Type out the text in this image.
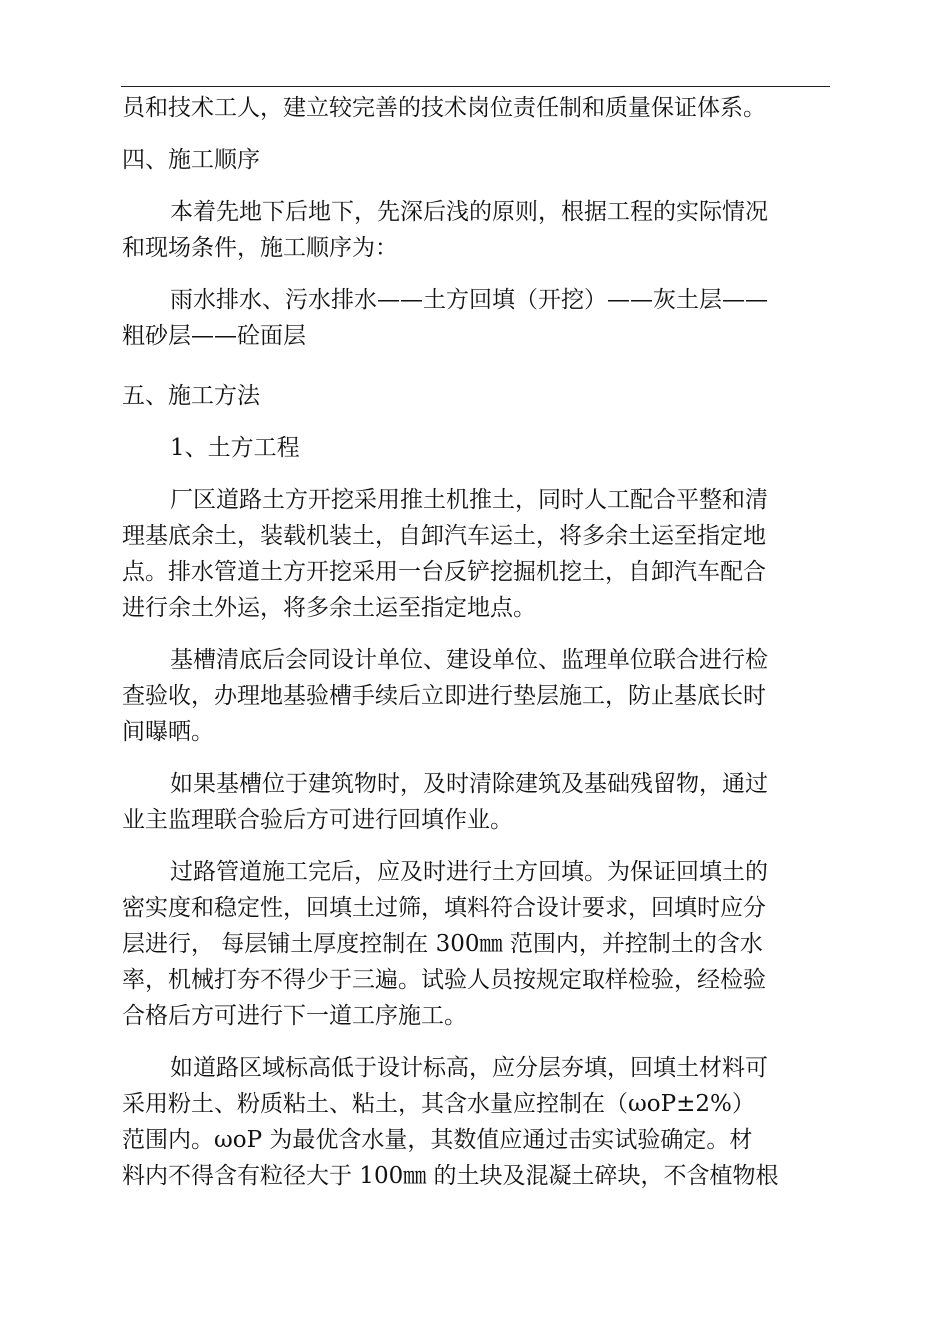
员和技术工人，建立较完善的技术岗位责任制和质量保证体系。
四、施工顺序
本着先地下后地下，先深后浅的原则，根据工程的实际情况
和现场条件，施工顺序为：
雨水排水、污水排水——土方回填（开挖）——灰土层——
粗砂层——砼面层
五、施工方法
1、土方工程
厂区道路土方开挖采用推土机推土，同时人工配合平整和清
理基底余土，装载机装土，自卸汽车运土，将多余土运至指定地
点。排水管道土方开挖采用一台反铲挖掘机挖土，自卸汽车配合
进行余土外运，将多余土运至指定地点。
基槽清底后会同设计单位、建设单位、监理单位联合进行检
查验收，办理地基验槽手续后立即进行垫层施工，防止基底长时
间曝晒。
如果基槽位于建筑物时，及时清除建筑及基础残留物，通过
业主监理联合验后方可进行回填作业。
过路管道施工完后，应及时进行土方回填。为保证回填土的
密实度和稳定性，回填土过筛，填料符合设计要求，回填时应分
层进行， 每层铺土厚度控制在 300㎜ 范围内，并控制土的含水
率，机械打夯不得少于三遍。试验人员按规定取样检验，经检验
合格后方可进行下一道工序施工。
如道路区域标高低于设计标高，应分层夯填，回填土材料可
采用粉土、粉质粘土、粘土，其含水量应控制在（ωоP±2%）
范围内。ωоP 为最优含水量，其数值应通过击实试验确定。材
料内不得含有粒径大于 100㎜ 的土块及混凝土碎块，不含植物根
